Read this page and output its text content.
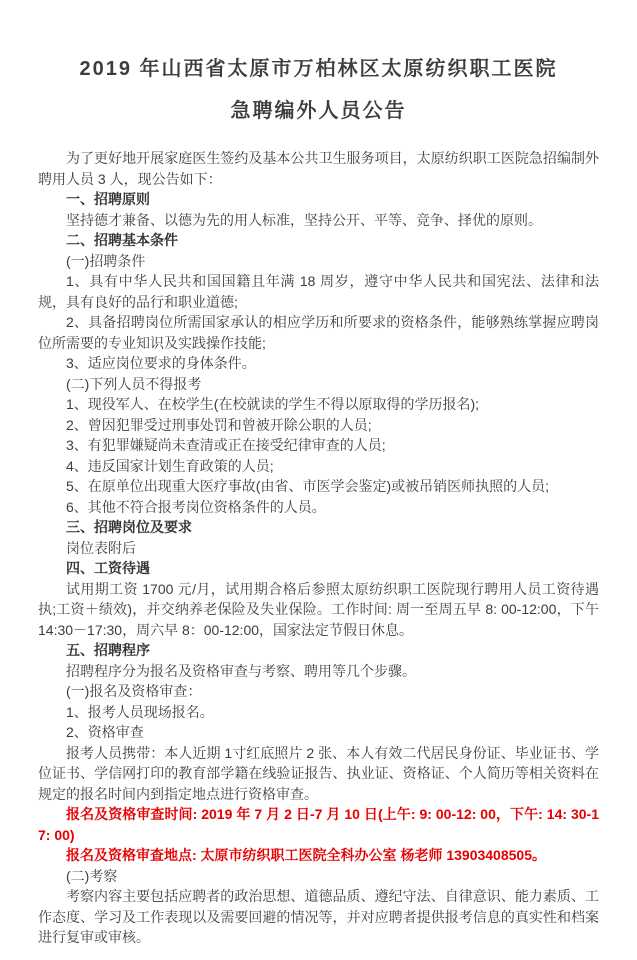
2019 年山西省太原市万柏林区太原纺织职工医院
急聘编外人员公告

为了更好地开展家庭医生签约及基本公共卫生服务项目，太原纺织职工医院急招编制外聘用人员 3 人，现公告如下：

一、招聘原则

坚持德才兼备、以德为先的用人标准，坚持公开、平等、竞争、择优的原则。

二、招聘基本条件

(一)招聘条件

1、具有中华人民共和国国籍且年满 18 周岁，遵守中华人民共和国宪法、法律和法规，具有良好的品行和职业道德;

2、具备招聘岗位所需国家承认的相应学历和所要求的资格条件，能够熟练掌握应聘岗位所需要的专业知识及实践操作技能;

3、适应岗位要求的身体条件。

(二)下列人员不得报考

1、现役军人、在校学生(在校就读的学生不得以原取得的学历报名);

2、曾因犯罪受过刑事处罚和曾被开除公职的人员;

3、有犯罪嫌疑尚未查清或正在接受纪律审查的人员;

4、违反国家计划生育政策的人员;

5、在原单位出现重大医疗事故(由省、市医学会鉴定)或被吊销医师执照的人员;

6、其他不符合报考岗位资格条件的人员。

三、招聘岗位及要求

岗位表附后

四、工资待遇

试用期工资 1700 元/月，试用期合格后参照太原纺织职工医院现行聘用人员工资待遇执;工资＋绩效)，并交纳养老保险及失业保险。工作时间: 周一至周五早 8: 00-12:00，下午 14:30－17:30，周六早 8：00-12:00，国家法定节假日休息。

五、招聘程序

招聘程序分为报名及资格审查与考察、聘用等几个步骤。

(一)报名及资格审查：

1、报考人员现场报名。

2、资格审查

报考人员携带：本人近期 1寸红底照片 2 张、本人有效二代居民身份证、毕业证书、学位证书、学信网打印的教育部学籍在线验证报告、执业证、资格证、个人简历等相关资料在规定的报名时间内到指定地点进行资格审查。

报名及资格审查时间: 2019 年 7 月 2 日-7 月 10 日(上午: 9: 00-12: 00，下午: 14: 30-17: 00)

报名及资格审查地点: 太原市纺织职工医院全科办公室 杨老师 13903408505。

(二)考察

考察内容主要包括应聘者的政治思想、道德品质、遵纪守法、自律意识、能力素质、工作态度、学习及工作表现以及需要回避的情况等，并对应聘者提供报考信息的真实性和档案进行复审或审核。
